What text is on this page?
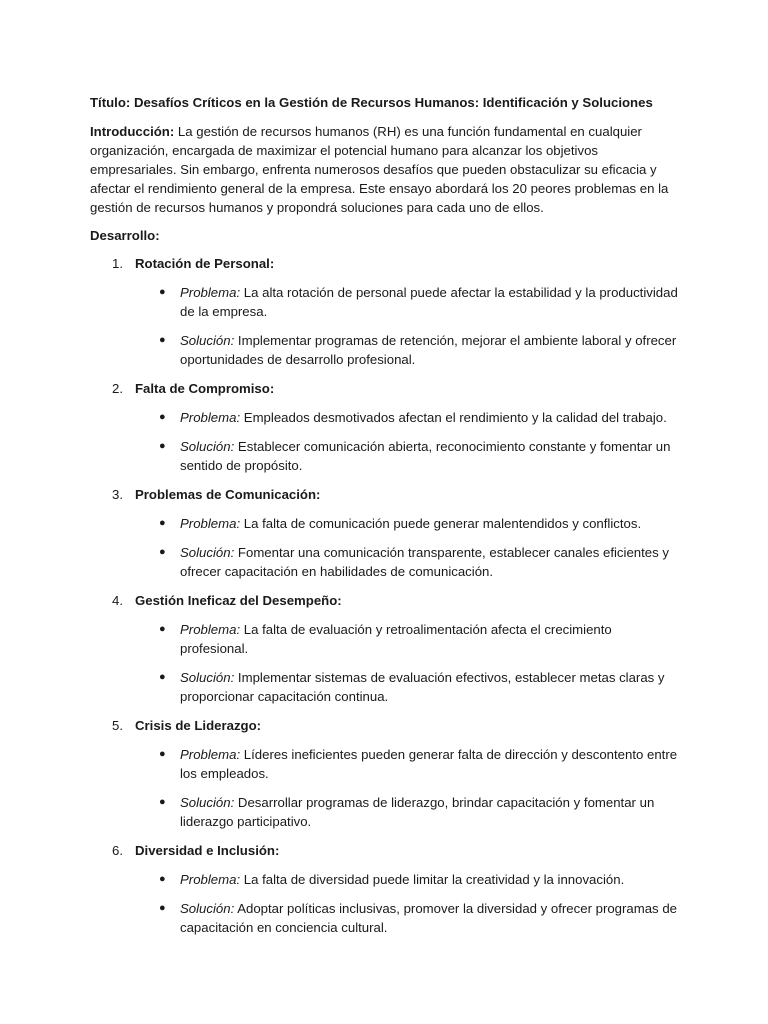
Título: Desafíos Críticos en la Gestión de Recursos Humanos: Identificación y Soluciones

Introducción: La gestión de recursos humanos (RH) es una función fundamental en cualquier organización, encargada de maximizar el potencial humano para alcanzar los objetivos empresariales. Sin embargo, enfrenta numerosos desafíos que pueden obstaculizar su eficacia y afectar el rendimiento general de la empresa. Este ensayo abordará los 20 peores problemas en la gestión de recursos humanos y propondrá soluciones para cada uno de ellos.

Desarrollo:

1. Rotación de Personal:

● Problema: La alta rotación de personal puede afectar la estabilidad y la productividad de la empresa.
● Solución: Implementar programas de retención, mejorar el ambiente laboral y ofrecer oportunidades de desarrollo profesional.
2. Falta de Compromiso:

● Problema: Empleados desmotivados afectan el rendimiento y la calidad del trabajo.
● Solución: Establecer comunicación abierta, reconocimiento constante y fomentar un sentido de propósito.
3. Problemas de Comunicación:

● Problema: La falta de comunicación puede generar malentendidos y conflictos.
● Solución: Fomentar una comunicación transparente, establecer canales eficientes y ofrecer capacitación en habilidades de comunicación.
4. Gestión Ineficaz del Desempeño:

● Problema: La falta de evaluación y retroalimentación afecta el crecimiento profesional.
● Solución: Implementar sistemas de evaluación efectivos, establecer metas claras y proporcionar capacitación continua.
5. Crisis de Liderazgo:

● Problema: Líderes ineficientes pueden generar falta de dirección y descontento entre los empleados.
● Solución: Desarrollar programas de liderazgo, brindar capacitación y fomentar un liderazgo participativo.
6. Diversidad e Inclusión:

● Problema: La falta de diversidad puede limitar la creatividad y la innovación.
● Solución: Adoptar políticas inclusivas, promover la diversidad y ofrecer programas de capacitación en conciencia cultural.
